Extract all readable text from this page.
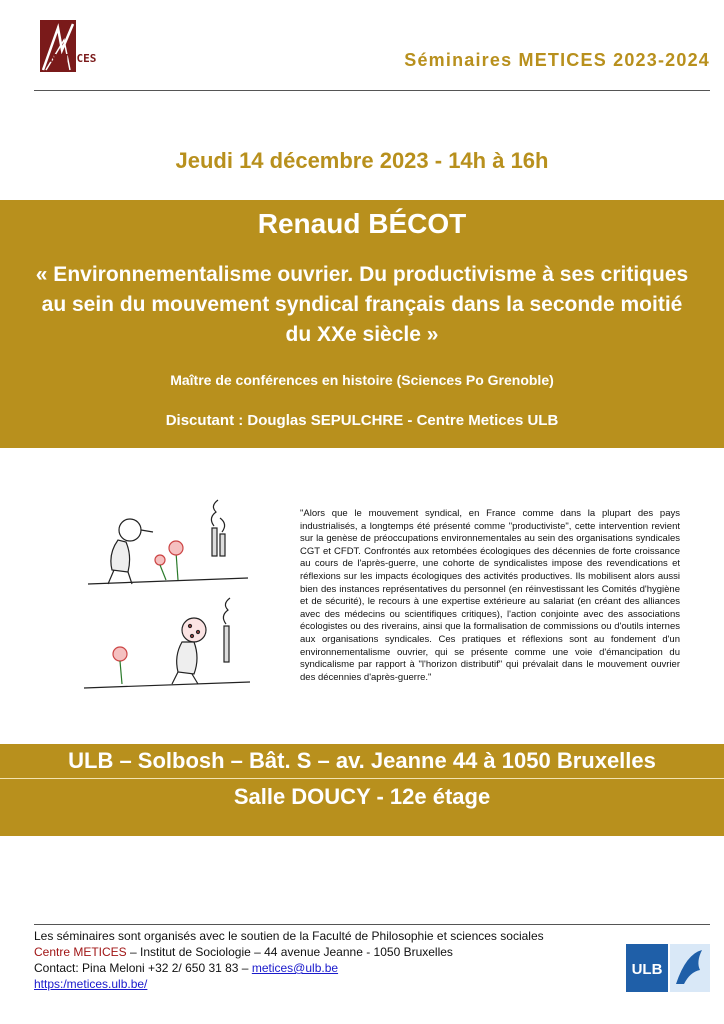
METICES	Séminaires METICES 2023-2024
Jeudi 14 décembre 2023 - 14h à 16h
Renaud BÉCOT
« Environnementalisme ouvrier. Du productivisme à ses critiques au sein du mouvement syndical français dans la seconde moitié du XXe siècle »
Maître de conférences en histoire (Sciences Po Grenoble)
Discutant : Douglas SEPULCHRE - Centre Metices ULB
"Alors que le mouvement syndical, en France comme dans la plupart des pays industrialisés, a longtemps été présenté comme "productiviste", cette intervention revient sur la genèse de préoccupations environnementales au sein des organisations syndicales CGT et CFDT. Confrontés aux retombées écologiques des décennies de forte croissance au cours de l'après-guerre, une cohorte de syndicalistes impose des revendications et réflexions sur les impacts écologiques des activités productives. Ils mobilisent alors aussi bien des instances représentatives du personnel (en réinvestissant les Comités d'hygiène et de sécurité), le recours à une expertise extérieure au salariat (en créant des alliances avec des médecins ou scientifiques critiques), l'action conjointe avec des associations écologistes ou des riverains, ainsi que la formalisation de commissions ou d'outils internes aux organisations syndicales. Ces pratiques et réflexions sont au fondement d'un environnementalisme ouvrier, qui se présente comme une voie d'émancipation du syndicalisme par rapport à "l'horizon distributif" qui prévalait dans le mouvement ouvrier des décennies d'après-guerre."
ULB – Solbosh – Bât. S – av. Jeanne 44 à 1050 Bruxelles
Salle DOUCY - 12e étage
Les séminaires sont organisés avec le soutien de la Faculté de Philosophie et sciences sociales
Centre METICES – Institut de Sociologie – 44 avenue Jeanne - 1050 Bruxelles
Contact: Pina Meloni +32 2/ 650 31 83 – metices@ulb.be
https:/metices.ulb.be/
ULB
